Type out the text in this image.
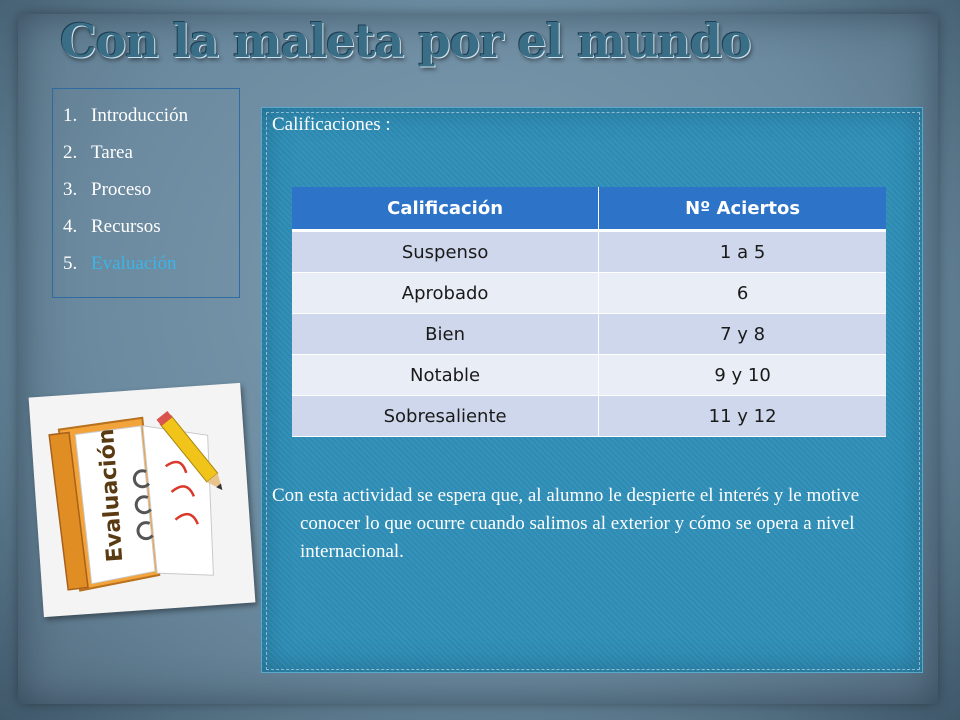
Con la maleta por el mundo
1. Introducción
2. Tarea
3. Proceso
4. Recursos
5. Evaluación
Evaluación

Calificaciones :

Calificación	Nº Aciertos
Suspenso	1 a 5
Aprobado	6
Bien	7 y 8
Notable	9 y 10
Sobresaliente	11 y 12

Con esta actividad se espera que, al alumno le despierte el interés y le motive conocer lo que ocurre cuando salimos al exterior y cómo se opera a nivel internacional.
